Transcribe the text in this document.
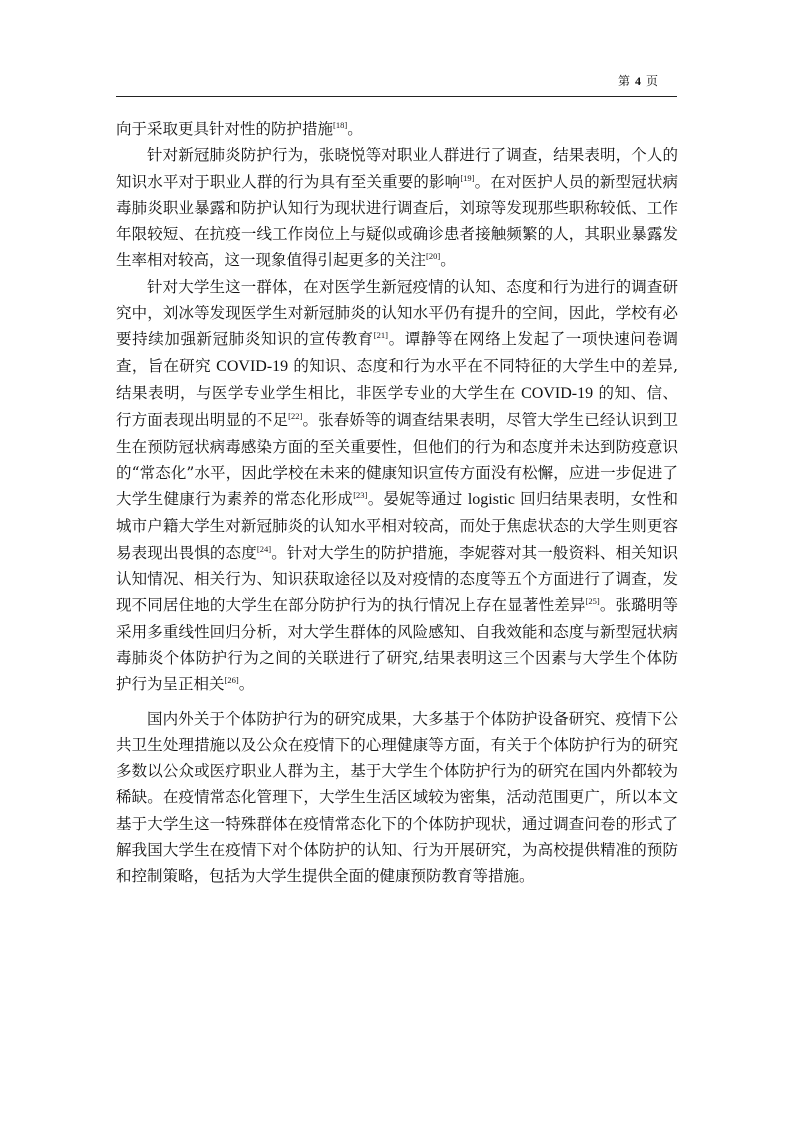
第 4 页

向于采取更具针对性的防护措施[18]。

针对新冠肺炎防护行为，张晓悦等对职业人群进行了调查，结果表明，个人的知识水平对于职业人群的行为具有至关重要的影响[19]。在对医护人员的新型冠状病毒肺炎职业暴露和防护认知行为现状进行调查后，刘琼等发现那些职称较低、工作年限较短、在抗疫一线工作岗位上与疑似或确诊患者接触频繁的人，其职业暴露发生率相对较高，这一现象值得引起更多的关注[20]。

针对大学生这一群体，在对医学生新冠疫情的认知、态度和行为进行的调查研究中，刘冰等发现医学生对新冠肺炎的认知水平仍有提升的空间，因此，学校有必要持续加强新冠肺炎知识的宣传教育[21]。谭静等在网络上发起了一项快速问卷调查，旨在研究 COVID-19 的知识、态度和行为水平在不同特征的大学生中的差异,结果表明，与医学专业学生相比，非医学专业的大学生在 COVID-19 的知、信、行方面表现出明显的不足[22]。张春娇等的调查结果表明，尽管大学生已经认识到卫生在预防冠状病毒感染方面的至关重要性，但他们的行为和态度并未达到防疫意识的“常态化”水平，因此学校在未来的健康知识宣传方面没有松懈，应进一步促进了大学生健康行为素养的常态化形成[23]。晏妮等通过 logistic 回归结果表明，女性和城市户籍大学生对新冠肺炎的认知水平相对较高，而处于焦虑状态的大学生则更容易表现出畏惧的态度[24]。针对大学生的防护措施，李妮蓉对其一般资料、相关知识认知情况、相关行为、知识获取途径以及对疫情的态度等五个方面进行了调查，发现不同居住地的大学生在部分防护行为的执行情况上存在显著性差异[25]。张璐明等采用多重线性回归分析，对大学生群体的风险感知、自我效能和态度与新型冠状病毒肺炎个体防护行为之间的关联进行了研究,结果表明这三个因素与大学生个体防护行为呈正相关[26]。

国内外关于个体防护行为的研究成果，大多基于个体防护设备研究、疫情下公共卫生处理措施以及公众在疫情下的心理健康等方面，有关于个体防护行为的研究多数以公众或医疗职业人群为主，基于大学生个体防护行为的研究在国内外都较为稀缺。在疫情常态化管理下，大学生生活区域较为密集，活动范围更广，所以本文基于大学生这一特殊群体在疫情常态化下的个体防护现状，通过调查问卷的形式了解我国大学生在疫情下对个体防护的认知、行为开展研究，为高校提供精准的预防和控制策略，包括为大学生提供全面的健康预防教育等措施。
